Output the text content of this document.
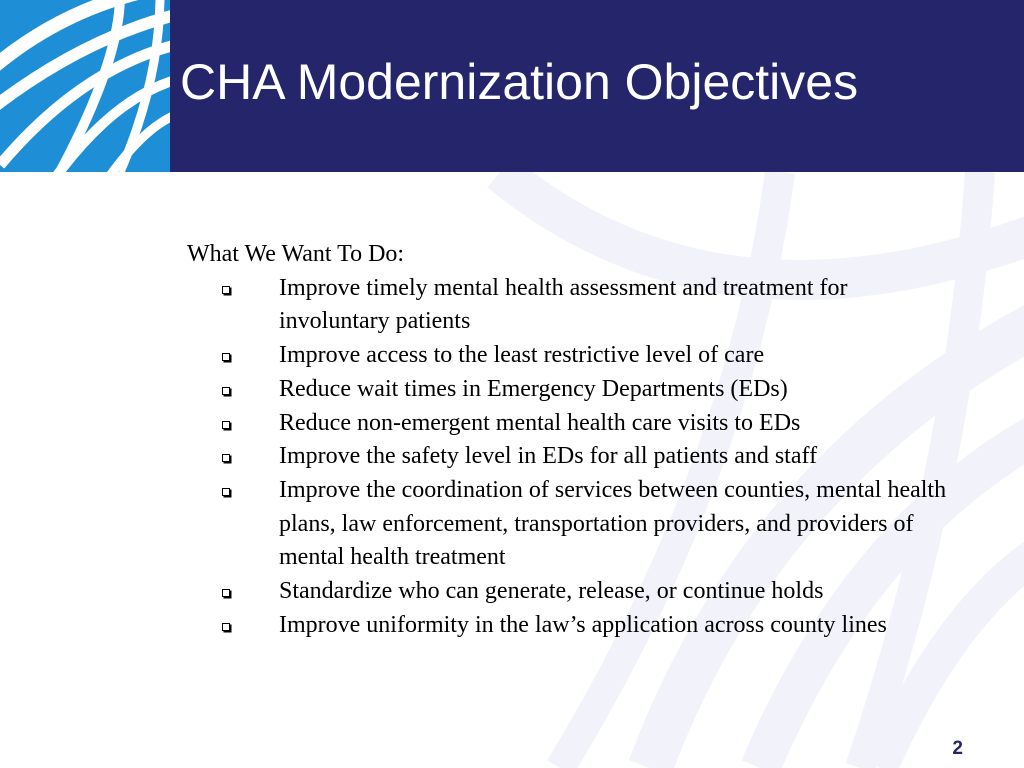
CHA Modernization Objectives

What We Want To Do:

Improve timely mental health assessment and treatment for involuntary patients
Improve access to the least restrictive level of care
Reduce wait times in Emergency Departments (EDs)
Reduce non-emergent mental health care visits to EDs
Improve the safety level in EDs for all patients and staff
Improve the coordination of services between counties, mental health plans, law enforcement, transportation providers, and providers of mental health treatment
Standardize who can generate, release, or continue holds
Improve uniformity in the law’s application across county lines
2
